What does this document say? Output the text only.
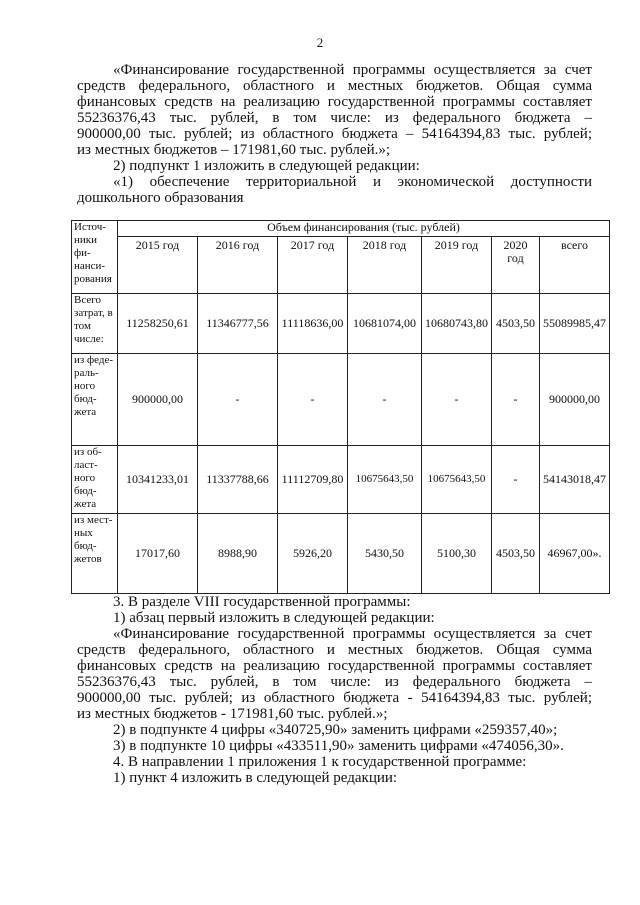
2

«Финансирование государственной программы осуществляется за счет

средств федерального, областного и местных бюджетов. Общая сумма

финансовых средств на реализацию государственной программы составляет

55236376,43 тыс. рублей, в том числе: из федерального бюджета –

900000,00 тыс. рублей; из областного бюджета – 54164394,83 тыс. рублей;

из местных бюджетов – 171981,60 тыс. рублей.»;

2) подпункт 1 изложить в следующей редакции:

«1) обеспечение территориальной и экономической доступности

дошкольного образования

Источ-ники фи-нанси-рования	Объем финансирования (тыс. рублей)						
	2015 год	2016 год	2017 год	2018 год	2019 год	2020 год	всего
Всего затрат, в том числе:	11258250,61	11346777,56	11118636,00	10681074,00	10680743,80	4503,50	55089985,47
из феде-раль-ного бюд-жета	900000,00	-	-	-	-	-	900000,00
из об-ласт-ного бюд-жета	10341233,01	11337788,66	11112709,80	10675643,50	10675643,50	-	54143018,47
из мест-ных бюд-жетов	17017,60	8988,90	5926,20	5430,50	5100,30	4503,50	46967,00».

3. В разделе VIII государственной программы:

1) абзац первый изложить в следующей редакции:

«Финансирование государственной программы осуществляется за счет

средств федерального, областного и местных бюджетов. Общая сумма

финансовых средств на реализацию государственной программы составляет

55236376,43 тыс. рублей, в том числе: из федерального бюджета –

900000,00 тыс. рублей; из областного бюджета - 54164394,83 тыс. рублей;

из местных бюджетов - 171981,60 тыс. рублей.»;

2) в подпункте 4 цифры «340725,90» заменить цифрами «259357,40»;

3) в подпункте 10 цифры «433511,90» заменить цифрами «474056,30».

4. В направлении 1 приложения 1 к государственной программе:

1) пункт 4 изложить в следующей редакции:
